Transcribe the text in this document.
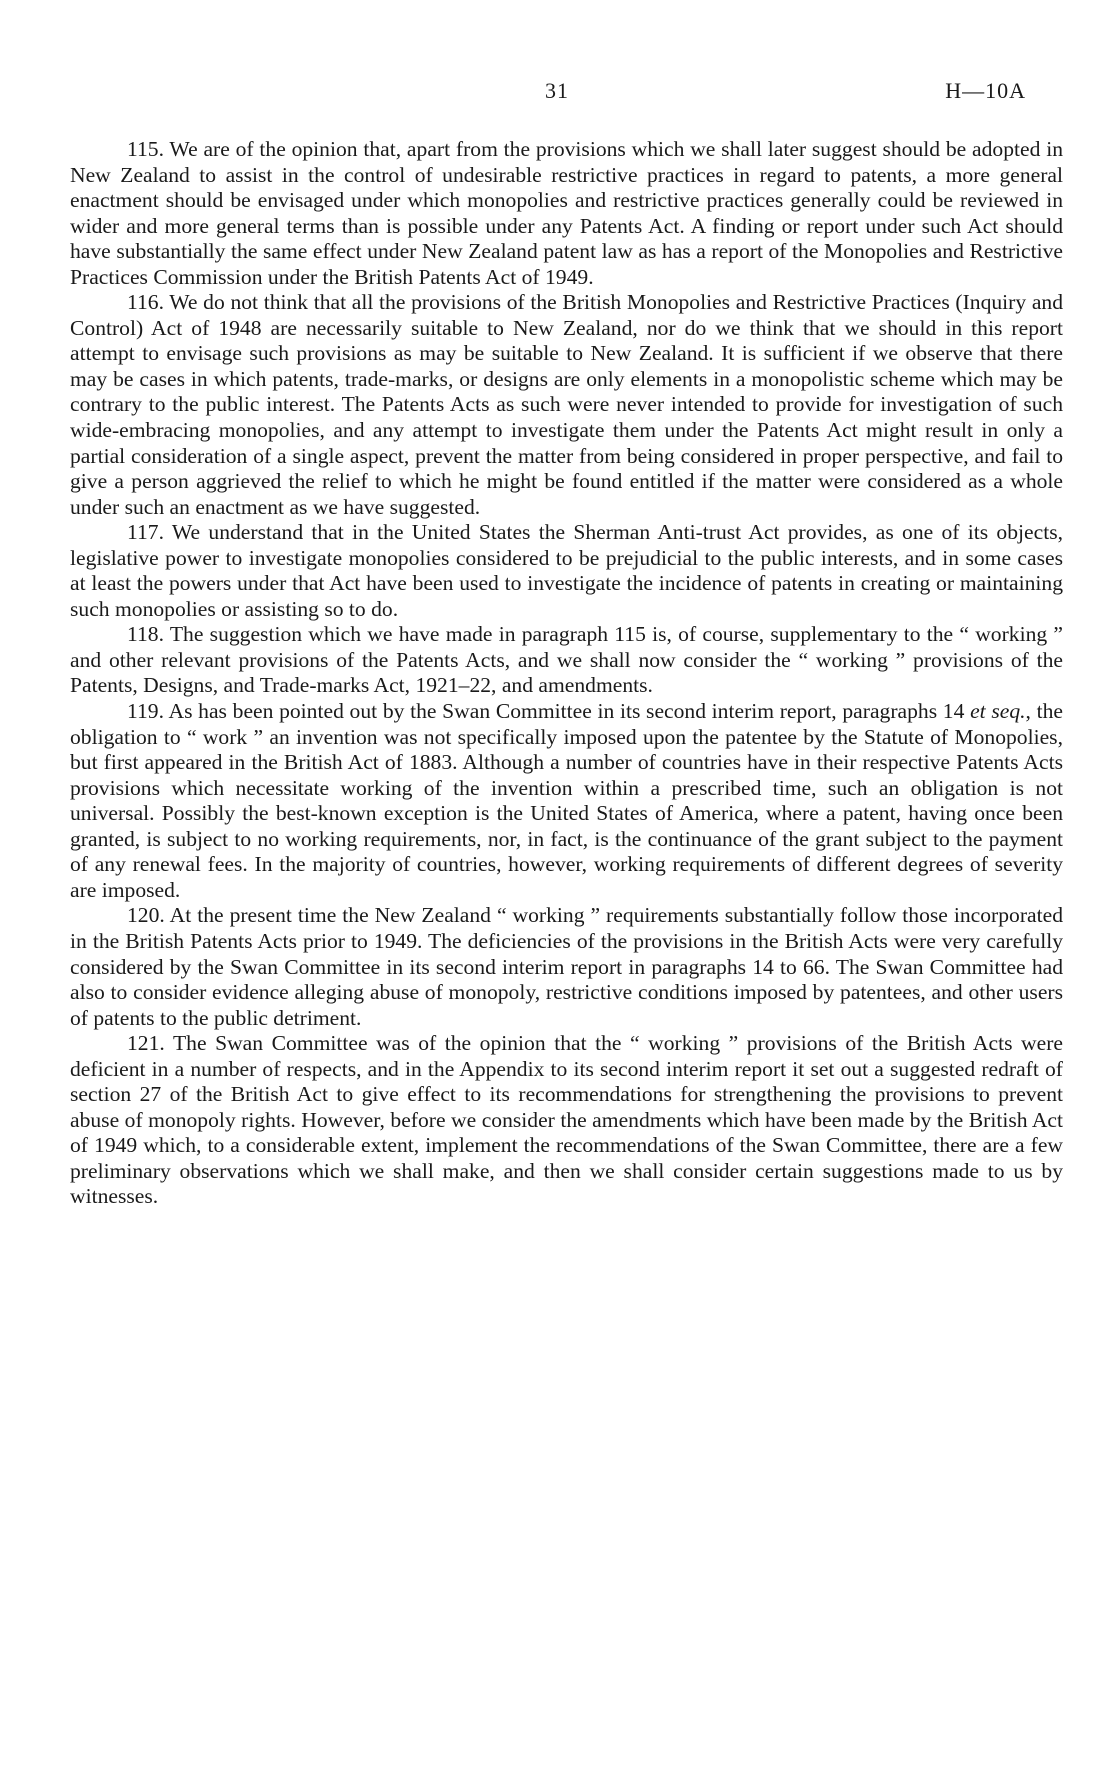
31	H—10A

115. We are of the opinion that, apart from the provisions which we shall later suggest should be adopted in New Zealand to assist in the control of undesirable restrictive practices in regard to patents, a more general enactment should be envisaged under which monopolies and restrictive practices generally could be reviewed in wider and more general terms than is possible under any Patents Act. A finding or report under such Act should have substantially the same effect under New Zealand patent law as has a report of the Monopolies and Restrictive Practices Commission under the British Patents Act of 1949.

116. We do not think that all the provisions of the British Monopolies and Restrictive Practices (Inquiry and Control) Act of 1948 are necessarily suitable to New Zealand, nor do we think that we should in this report attempt to envisage such provisions as may be suitable to New Zealand. It is sufficient if we observe that there may be cases in which patents, trade-marks, or designs are only elements in a monopolistic scheme which may be contrary to the public interest. The Patents Acts as such were never intended to provide for investigation of such wide-embracing monopolies, and any attempt to investigate them under the Patents Act might result in only a partial consideration of a single aspect, prevent the matter from being considered in proper perspective, and fail to give a person aggrieved the relief to which he might be found entitled if the matter were considered as a whole under such an enactment as we have suggested.

117. We understand that in the United States the Sherman Anti-trust Act provides, as one of its objects, legislative power to investigate monopolies considered to be prejudicial to the public interests, and in some cases at least the powers under that Act have been used to investigate the incidence of patents in creating or maintaining such monopolies or assisting so to do.

118. The suggestion which we have made in paragraph 115 is, of course, supplementary to the “ working ” and other relevant provisions of the Patents Acts, and we shall now consider the “ working ” provisions of the Patents, Designs, and Trade-marks Act, 1921–22, and amendments.

119. As has been pointed out by the Swan Committee in its second interim report, paragraphs 14 et seq., the obligation to “ work ” an invention was not specifically imposed upon the patentee by the Statute of Monopolies, but first appeared in the British Act of 1883. Although a number of countries have in their respective Patents Acts provisions which necessitate working of the invention within a prescribed time, such an obligation is not universal. Possibly the best-known exception is the United States of America, where a patent, having once been granted, is subject to no working requirements, nor, in fact, is the continuance of the grant subject to the payment of any renewal fees. In the majority of countries, however, working requirements of different degrees of severity are imposed.

120. At the present time the New Zealand “ working ” requirements substantially follow those incorporated in the British Patents Acts prior to 1949. The deficiencies of the provisions in the British Acts were very carefully considered by the Swan Committee in its second interim report in paragraphs 14 to 66. The Swan Committee had also to consider evidence alleging abuse of monopoly, restrictive conditions imposed by patentees, and other users of patents to the public detriment.

121. The Swan Committee was of the opinion that the “ working ” provisions of the British Acts were deficient in a number of respects, and in the Appendix to its second interim report it set out a suggested redraft of section 27 of the British Act to give effect to its recommendations for strengthening the provisions to prevent abuse of monopoly rights. However, before we consider the amendments which have been made by the British Act of 1949 which, to a considerable extent, implement the recommendations of the Swan Committee, there are a few preliminary observations which we shall make, and then we shall consider certain suggestions made to us by witnesses.
